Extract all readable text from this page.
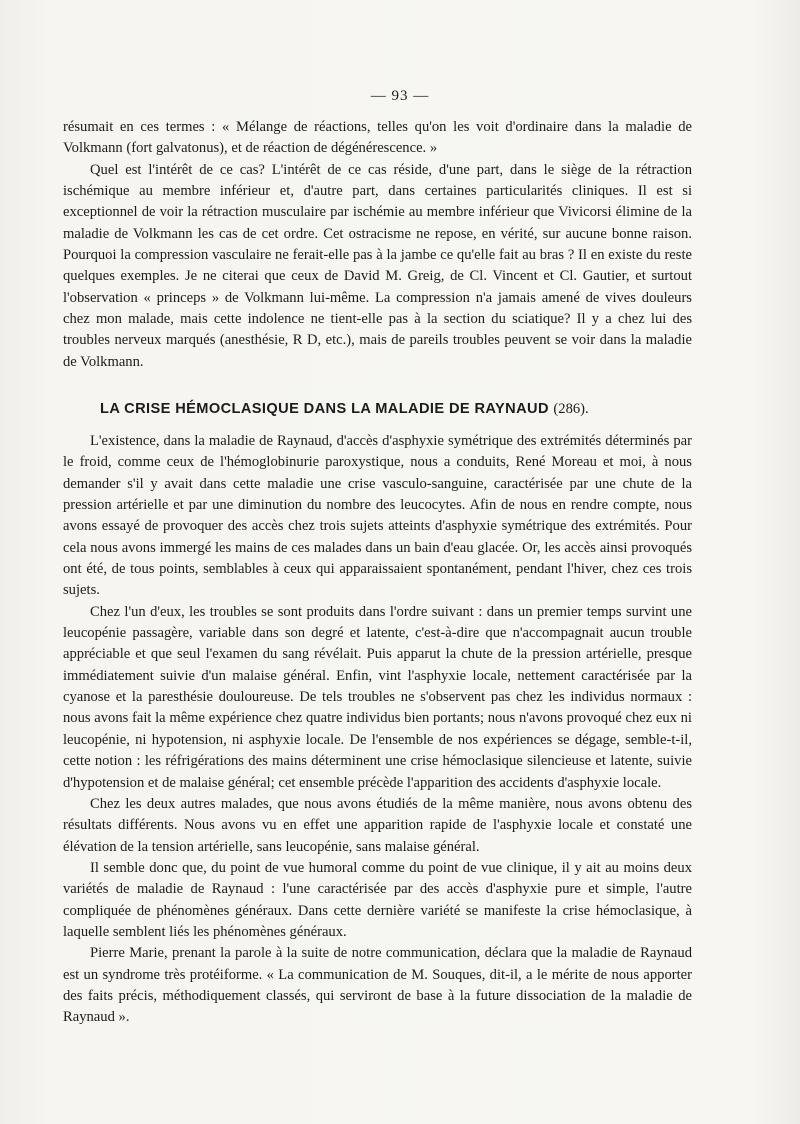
— 93 —

résumait en ces termes : « Mélange de réactions, telles qu'on les voit d'ordinaire dans la maladie de Volkmann (fort galvatonus), et de réaction de dégénérescence. »

Quel est l'intérêt de ce cas? L'intérêt de ce cas réside, d'une part, dans le siège de la rétraction ischémique au membre inférieur et, d'autre part, dans certaines particularités cliniques. Il est si exceptionnel de voir la rétraction musculaire par ischémie au membre inférieur que Vivicorsi élimine de la maladie de Volkmann les cas de cet ordre. Cet ostracisme ne repose, en vérité, sur aucune bonne raison. Pourquoi la compression vasculaire ne ferait-elle pas à la jambe ce qu'elle fait au bras ? Il en existe du reste quelques exemples. Je ne citerai que ceux de David M. Greig, de Cl. Vincent et Cl. Gautier, et surtout l'observation « princeps » de Volkmann lui-même. La compression n'a jamais amené de vives douleurs chez mon malade, mais cette indolence ne tient-elle pas à la section du sciatique? Il y a chez lui des troubles nerveux marqués (anesthésie, R D, etc.), mais de pareils troubles peuvent se voir dans la maladie de Volkmann.

LA CRISE HÉMOCLASIQUE DANS LA MALADIE DE RAYNAUD (286).

L'existence, dans la maladie de Raynaud, d'accès d'asphyxie symétrique des extrémités déterminés par le froid, comme ceux de l'hémoglobinurie paroxystique, nous a conduits, René Moreau et moi, à nous demander s'il y avait dans cette maladie une crise vasculo-sanguine, caractérisée par une chute de la pression artérielle et par une diminution du nombre des leucocytes. Afin de nous en rendre compte, nous avons essayé de provoquer des accès chez trois sujets atteints d'asphyxie symétrique des extrémités. Pour cela nous avons immergé les mains de ces malades dans un bain d'eau glacée. Or, les accès ainsi provoqués ont été, de tous points, semblables à ceux qui apparaissaient spontanément, pendant l'hiver, chez ces trois sujets.

Chez l'un d'eux, les troubles se sont produits dans l'ordre suivant : dans un premier temps survint une leucopénie passagère, variable dans son degré et latente, c'est-à-dire que n'accompagnait aucun trouble appréciable et que seul l'examen du sang révélait. Puis apparut la chute de la pression artérielle, presque immédiatement suivie d'un malaise général. Enfin, vint l'asphyxie locale, nettement caractérisée par la cyanose et la paresthésie douloureuse. De tels troubles ne s'observent pas chez les individus normaux : nous avons fait la même expérience chez quatre individus bien portants; nous n'avons provoqué chez eux ni leucopénie, ni hypotension, ni asphyxie locale. De l'ensemble de nos expériences se dégage, semble-t-il, cette notion : les réfrigérations des mains déterminent une crise hémoclasique silencieuse et latente, suivie d'hypotension et de malaise général; cet ensemble précède l'apparition des accidents d'asphyxie locale.

Chez les deux autres malades, que nous avons étudiés de la même manière, nous avons obtenu des résultats différents. Nous avons vu en effet une apparition rapide de l'asphyxie locale et constaté une élévation de la tension artérielle, sans leucopénie, sans malaise général.

Il semble donc que, du point de vue humoral comme du point de vue clinique, il y ait au moins deux variétés de maladie de Raynaud : l'une caractérisée par des accès d'asphyxie pure et simple, l'autre compliquée de phénomènes généraux. Dans cette dernière variété se manifeste la crise hémoclasique, à laquelle semblent liés les phénomènes généraux.

Pierre Marie, prenant la parole à la suite de notre communication, déclara que la maladie de Raynaud est un syndrome très protéiforme. « La communication de M. Souques, dit-il, a le mérite de nous apporter des faits précis, méthodiquement classés, qui serviront de base à la future dissociation de la maladie de Raynaud ».
